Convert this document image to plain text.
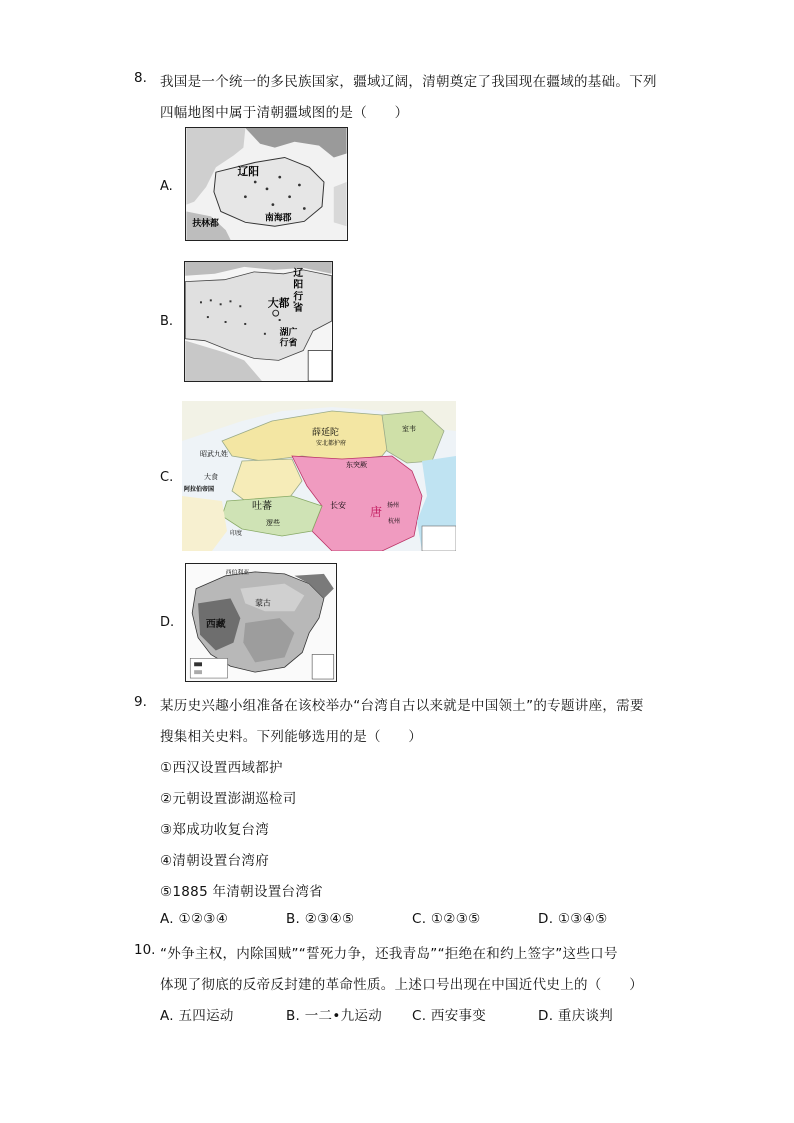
8. 我国是一个统一的多民族国家，疆域辽阔，清朝奠定了我国现在疆域的基础。下列
四幅地图中属于清朝疆域图的是（　　）
A.
辽阳
扶林都
南海郡
B.
辽阳行省
大都
湖广行省
C.
薛延陀
安北都护府
昭武九姓
大食
吐蕃
逻些
长安 唐
东突厥
室韦
阿拉伯帝国
印度
扬州
杭州
D.
西伯利亚
蒙古
西藏
9. 某历史兴趣小组准备在该校举办“台湾自古以来就是中国领土”的专题讲座，需要
搜集相关史料。下列能够选用的是（　　）
①西汉设置西域都护
②元朝设置澎湖巡检司
③郑成功收复台湾
④清朝设置台湾府
⑤1885 年清朝设置台湾省
A. ①②③④	B. ②③④⑤	C. ①②③⑤	D. ①③④⑤
10. “外争主权，内除国贼”“誓死力争，还我青岛”“拒绝在和约上签字”这些口号
体现了彻底的反帝反封建的革命性质。上述口号出现在中国近代史上的（　　）
A. 五四运动	B. 一二•九运动 C. 西安事变	D. 重庆谈判
